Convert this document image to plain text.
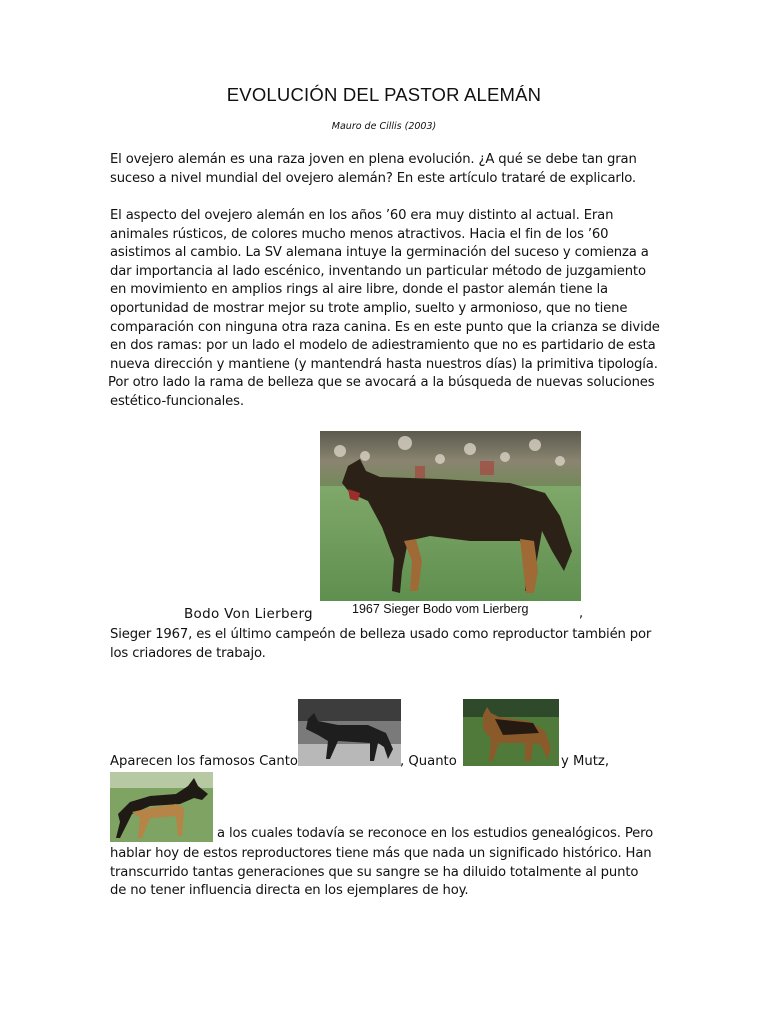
EVOLUCIÓN DEL PASTOR ALEMÁN
Mauro de Cillis (2003)
El ovejero alemán es una raza joven en plena evolución. ¿A qué se debe tan gran
suceso a nivel mundial del ovejero alemán? En este artículo trataré de explicarlo.
El aspecto del ovejero alemán en los años ’60 era muy distinto al actual. Eran
animales rústicos, de colores mucho menos atractivos. Hacia el fin de los ’60
asistimos al cambio. La SV alemana intuye la germinación del suceso y comienza a
dar importancia al lado escénico, inventando un particular método de juzgamiento
en movimiento en amplios rings al aire libre, donde el pastor alemán tiene la
oportunidad de mostrar mejor su trote amplio, suelto y armonioso, que no tiene
comparación con ninguna otra raza canina. Es en este punto que la crianza se divide
en dos ramas: por un lado el modelo de adiestramiento que no es partidario de esta
nueva dirección y mantiene (y mantendrá hasta nuestros días) la primitiva tipología.
Por otro lado la rama de belleza que se avocará a la búsqueda de nuevas soluciones
estético-funcionales.
1967 Sieger Bodo vom Lierberg
Bodo Von Lierberg	,
Sieger 1967, es el último campeón de belleza usado como reproductor también por
los criadores de trabajo.
Aparecen los famosos Canto	, Quanto	y Mutz,
a los cuales todavía se reconoce en los estudios genealógicos. Pero
hablar hoy de estos reproductores tiene más que nada un significado histórico. Han
transcurrido tantas generaciones que su sangre se ha diluido totalmente al punto
de no tener influencia directa en los ejemplares de hoy.
